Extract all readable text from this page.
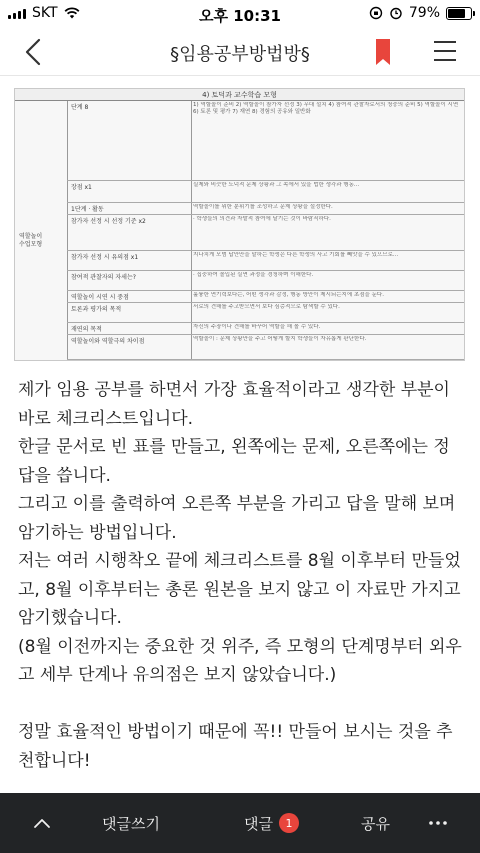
SKT	오후 10:31	79%
§임용공부방법방§
4) 토덕과 교수학습 모형
역할놀이
수업모형
단계 8	1) 역할놀이 준비 2) 역할놀이 참가자 선정 3) 무대 설치 4) 참여적 관찰자로서의 청중의 준비 5) 역할놀이 시연 6) 토론 및 평가 7) 재연 8) 경험의 공유와 일반화
장점 x1	실제와 비슷한 도덕적 문제 상황과 그 속에서 있을 법한 생각과 행동...
1단계 · 활동	역할놀이를 위한 분위기를 조성하고 문제 상황을 설정한다.
참가자 선정 시 선정 기준 x2	· 학생들의 의견과 자발적 참여에 달기는 것이 바람직하다.
참가자 선정 시 유의점 x1	지나치게 모범 답안만을 말하는 학생은 다른 학생의 사고 기회를 빼앗을 수 있으므로...
참여적 관찰자의 자세는?	· 집중하여 몰입된 실연 과정을 경청하며 이해한다.
역할놀이 시연 시 중점	훌륭한 연기력보다는, 어떤 생각과 감정, 행동 방안이 제시되는지에 초점을 둔다.
토론과 평가의 목적	서로의 견해를 주고받으면서 보다 심층적으로 탐색할 수 있다.
재연의 목적	자신의 주장이나 견해를 바꾸어 역할을 해 볼 수 있다.
역할놀이와 역할극의 차이점	역할놀이 : 문제 상황만을 주고 어떻게 할지 학생들이 자유롭게 판단한다.

제가 임용 공부를 하면서 가장 효율적이라고 생각한 부분이 바로 체크리스트입니다.

한글 문서로 빈 표를 만들고, 왼쪽에는 문제, 오른쪽에는 정답을 씁니다.

그리고 이를 출력하여 오른쪽 부분을 가리고 답을 말해 보며 암기하는 방법입니다.

저는 여러 시행착오 끝에 체크리스트를 8월 이후부터 만들었고, 8월 이후부터는 총론 원본을 보지 않고 이 자료만 가지고 암기했습니다.

(8월 이전까지는 중요한 것 위주, 즉 모형의 단계명부터 외우고 세부 단계나 유의점은 보지 않았습니다.)

정말 효율적인 방법이기 때문에 꼭!! 만들어 보시는 것을 추천합니다!

댓글쓰기	댓글	1	공유
